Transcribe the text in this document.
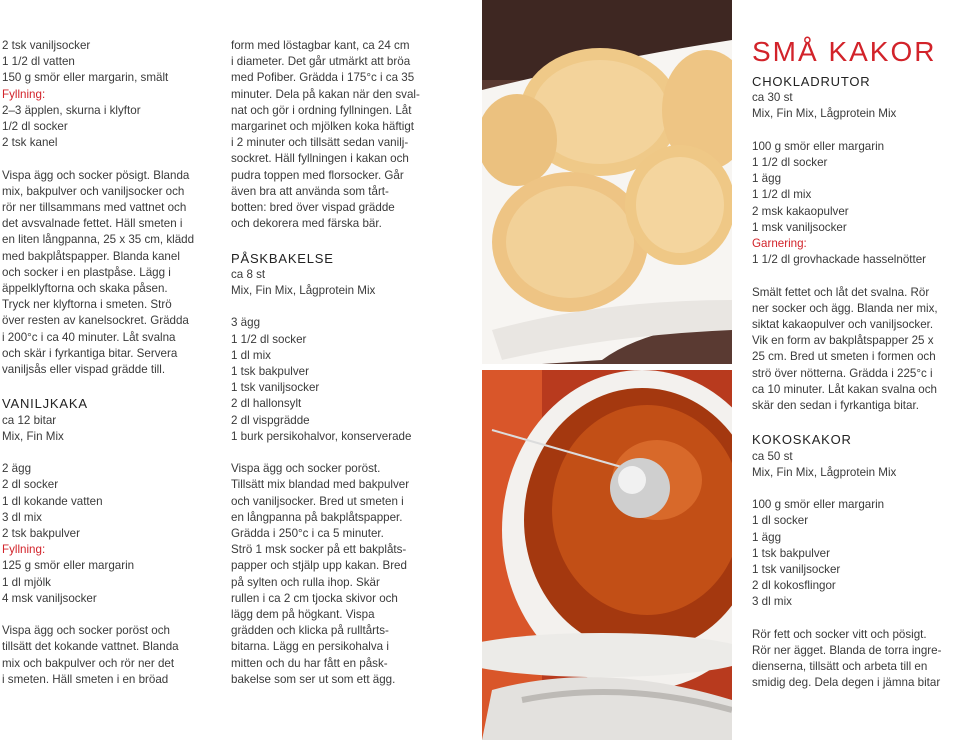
2 tsk vaniljsocker
1 1/2 dl vatten
150 g smör eller margarin, smält
Fyllning:
2–3 äpplen, skurna i klyftor
1/2 dl socker
2 tsk kanel
Vispa ägg och socker pösigt. Blanda
mix, bakpulver och vaniljsocker och
rör ner tillsammans med vattnet och
det avsvalnade fettet. Häll smeten i
en liten långpanna, 25 x 35 cm, klädd
med bakplåtspapper. Blanda kanel
och socker i en plastpåse. Lägg i
äppelklyftorna och skaka påsen.
Tryck ner klyftorna i smeten. Strö
över resten av kanelsockret. Grädda
i 200°c i ca 40 minuter. Låt svalna
och skär i fyrkantiga bitar. Servera
vaniljsås eller vispad grädde till.
VANILJKAKA
ca 12 bitar
Mix, Fin Mix
2 ägg
2 dl socker
1 dl kokande vatten
3 dl mix
2 tsk bakpulver
Fyllning:
125 g smör eller margarin
1 dl mjölk
4 msk vaniljsocker
Vispa ägg och socker poröst och
tillsätt det kokande vattnet. Blanda
mix och bakpulver och rör ner det
i smeten. Häll smeten i en bröad
form med löstagbar kant, ca 24 cm
i diameter. Det går utmärkt att bröa
med Pofiber. Grädda i 175°c i ca 35
minuter. Dela på kakan när den sval-
nat och gör i ordning fyllningen. Låt
margarinet och mjölken koka häftigt
i 2 minuter och tillsätt sedan vanilj-
sockret. Häll fyllningen i kakan och
pudra toppen med florsocker. Går
även bra att använda som tårt-
botten: bred över vispad grädde
och dekorera med färska bär.
PÅSKBAKELSE
ca 8 st
Mix, Fin Mix, Lågprotein Mix
3 ägg
1 1/2 dl socker
1 dl mix
1 tsk bakpulver
1 tsk vaniljsocker
2 dl hallonsylt
2 dl vispgrädde
1 burk persikohalvor, konserverade
Vispa ägg och socker poröst.
Tillsätt mix blandad med bakpulver
och vaniljsocker. Bred ut smeten i
en långpanna på bakplåtspapper.
Grädda i 250°c i ca 5 minuter.
Strö 1 msk socker på ett bakplåts-
papper och stjälp upp kakan. Bred
på sylten och rulla ihop. Skär
rullen i ca 2 cm tjocka skivor och
lägg dem på högkant. Vispa
grädden och klicka på rulltårts-
bitarna. Lägg en persikohalva i
mitten och du har fått en påsk-
bakelse som ser ut som ett ägg.
SMÅ KAKOR
CHOKLADRUTOR
ca 30 st
Mix, Fin Mix, Lågprotein Mix
100 g smör eller margarin
1 1/2 dl socker
1 ägg
1 1/2 dl mix
2 msk kakaopulver
1 msk vaniljsocker
Garnering:
1 1/2 dl grovhackade hasselnötter
Smält fettet och låt det svalna. Rör
ner socker och ägg. Blanda ner mix,
siktat kakaopulver och vaniljsocker.
Vik en form av bakplåtspapper 25 x
25 cm. Bred ut smeten i formen och
strö över nötterna. Grädda i 225°c i
ca 10 minuter. Låt kakan svalna och
skär den sedan i fyrkantiga bitar.
KOKOSKAKOR
ca 50 st
Mix, Fin Mix, Lågprotein Mix
100 g smör eller margarin
1 dl socker
1 ägg
1 tsk bakpulver
1 tsk vaniljsocker
2 dl kokosflingor
3 dl mix
Rör fett och socker vitt och pösigt.
Rör ner ägget. Blanda de torra ingre-
dienserna, tillsätt och arbeta till en
smidig deg. Dela degen i jämna bitar
